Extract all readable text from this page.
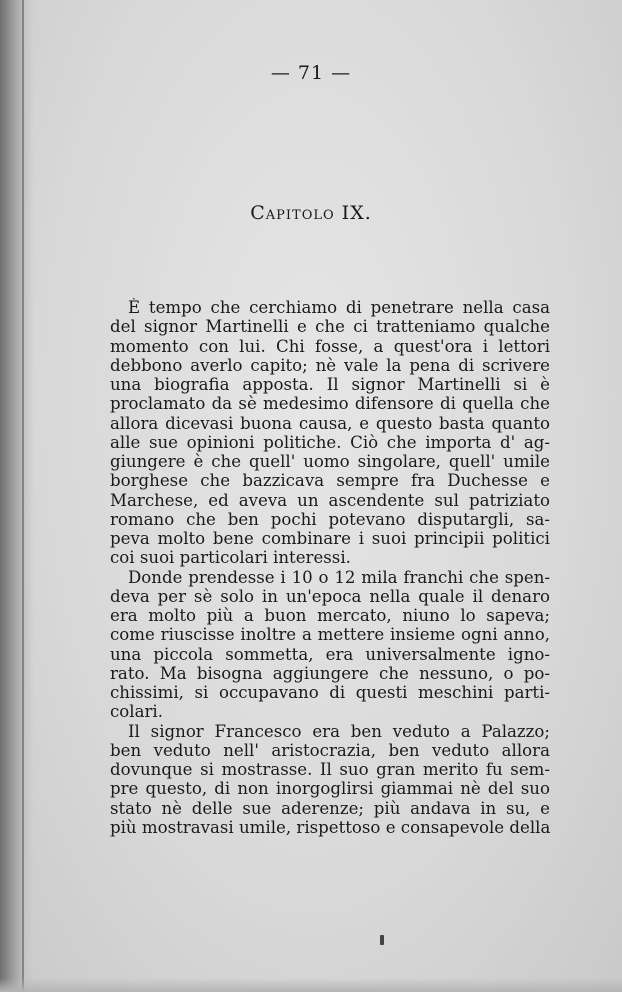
— 71 —
Capitolo IX.
È tempo che cerchiamo di penetrare nella casa
del signor Martinelli e che ci tratteniamo qualche
momento con lui. Chi fosse, a quest'ora i lettori
debbono averlo capito; nè vale la pena di scrivere
una biografia apposta. Il signor Martinelli si è
proclamato da sè medesimo difensore di quella che
allora dicevasi buona causa, e questo basta quanto
alle sue opinioni politiche. Ciò che importa d' ag-
giungere è che quell' uomo singolare, quell' umile
borghese che bazzicava sempre fra Duchesse e
Marchese, ed aveva un ascendente sul patriziato
romano che ben pochi potevano disputargli, sa-
peva molto bene combinare i suoi principii politici
coi suoi particolari interessi.
Donde prendesse i 10 o 12 mila franchi che spen-
deva per sè solo in un'epoca nella quale il denaro
era molto più a buon mercato, niuno lo sapeva;
come riuscisse inoltre a mettere insieme ogni anno,
una piccola sommetta, era universalmente igno-
rato. Ma bisogna aggiungere che nessuno, o po-
chissimi, si occupavano di questi meschini parti-
colari.
Il signor Francesco era ben veduto a Palazzo;
ben veduto nell' aristocrazia, ben veduto allora
dovunque si mostrasse. Il suo gran merito fu sem-
pre questo, di non inorgoglirsi giammai nè del suo
stato nè delle sue aderenze; più andava in su, e
più mostravasi umile, rispettoso e consapevole della
